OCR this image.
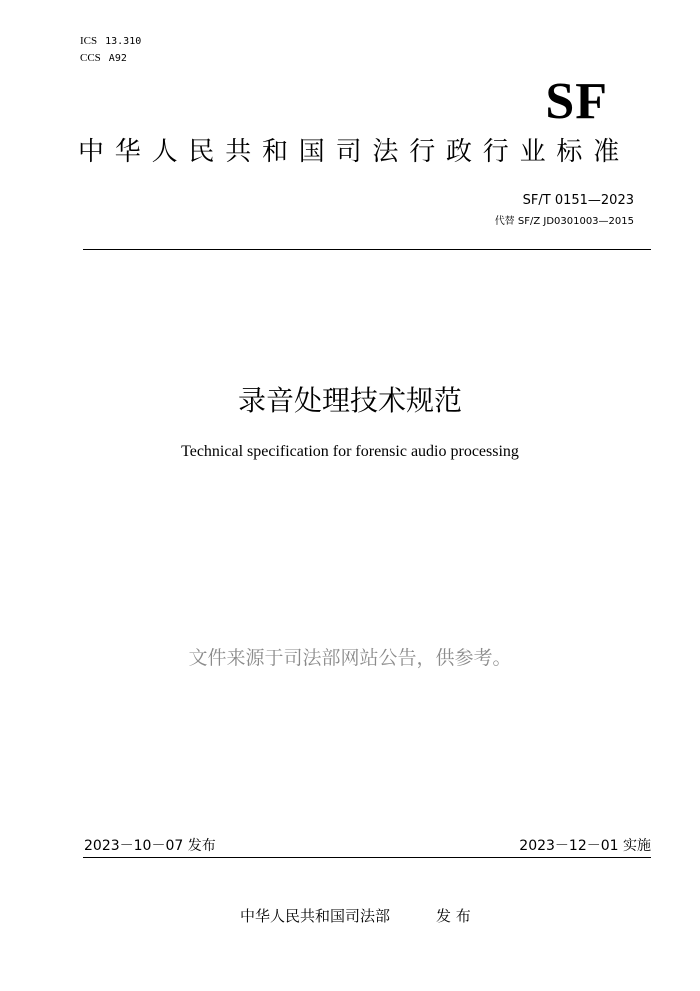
ICS 13.310
CCS A92
SF
中华人民共和国司法行政行业标准
SF/T 0151—2023
代替 SF/Z JD0301003—2015
录音处理技术规范
Technical specification for forensic audio processing
文件来源于司法部网站公告，供参考。
2023－10－07 发布	2023－12－01 实施
中华人民共和国司法部	发 布
